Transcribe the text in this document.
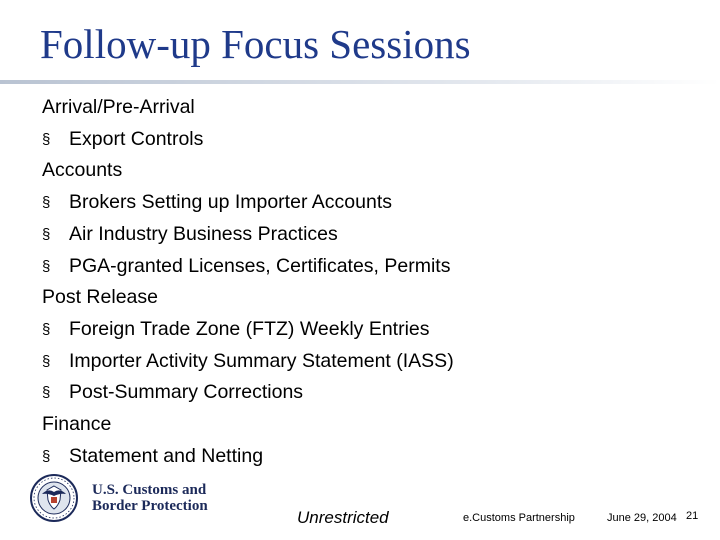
Follow-up Focus Sessions
Arrival/Pre-Arrival
§ Export Controls
Accounts
§ Brokers Setting up Importer Accounts
§ Air Industry Business Practices
§ PGA-granted Licenses, Certificates, Permits
Post Release
§ Foreign Trade Zone (FTZ) Weekly Entries
§ Importer Activity Summary Statement (IASS)
§ Post-Summary Corrections
Finance
§ Statement and Netting
U.S. Customs and
Border Protection
Unrestricted	e.Customs Partnership	June 29, 2004 21
